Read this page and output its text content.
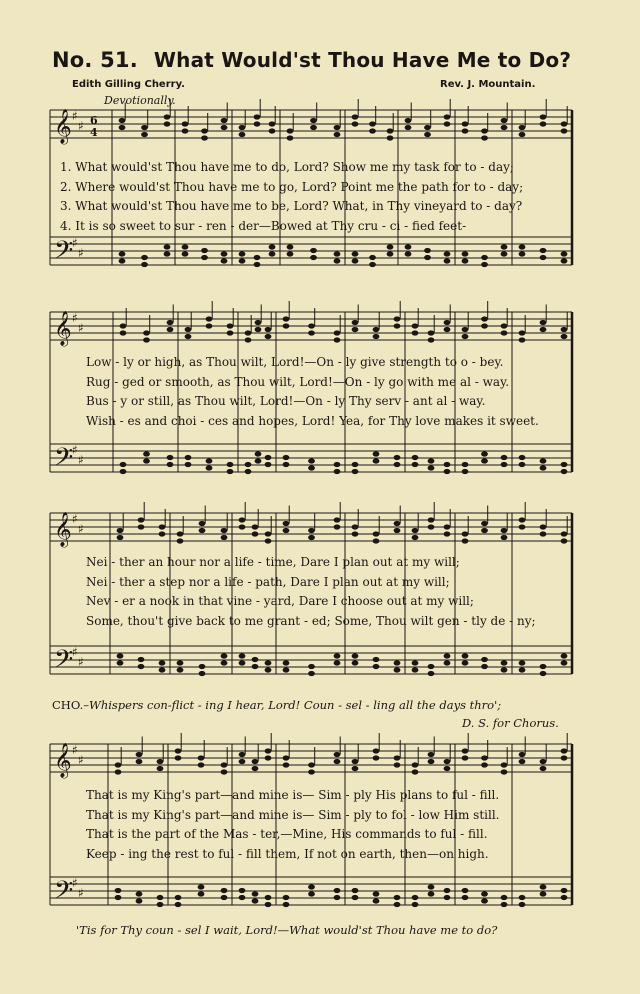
No. 51. What Would'st Thou Have Me to Do?
Edith Gilling Cherry.	Rev. J. Mountain.
Devotionally.
𝄞 ♯
♯
𝄢
♯
♯
𝄞 ♯
♯
𝄢
♯
♯
𝄞 ♯
♯
𝄢
♯
♯
𝄞 ♯
♯
𝄢
♯
♯
6
4
1. What would'st Thou have me to do, Lord? Show me my task for to - day;
2. Where would'st Thou have me to go, Lord? Point me the path for to - day;
3. What would'st Thou have me to be, Lord? What, in Thy vineyard to - day?
4. It is so sweet to sur - ren - der—Bowed at Thy cru - ci - fied feet-
Low - ly or high, as Thou wilt, Lord!—On - ly give strength to o - bey.
Rug - ged or smooth, as Thou wilt, Lord!—On - ly go with me al - way.
Bus - y or still, as Thou wilt, Lord!—On - ly Thy serv - ant al - way.
Wish - es and choi - ces and hopes, Lord! Yea, for Thy love makes it sweet.
Nei - ther an hour nor a life - time, Dare I plan out at my will;
Nei - ther a step nor a life - path, Dare I plan out at my will;
Nev - er a nook in that vine - yard, Dare I choose out at my will;
Some, thou't give back to me grant - ed; Some, Thou wilt gen - tly de - ny;
CHO.–Whispers con-flict - ing I hear, Lord! Coun - sel - ling all the days thro';
D. S. for Chorus.
That is my King's part—and mine is— Sim - ply His plans to ful - fill.
That is my King's part—and mine is— Sim - ply to fol - low Him still.
That is the part of the Mas - ter,—Mine, His commands to ful - fill.
Keep - ing the rest to ful - fill them, If not on earth, then—on high.
'Tis for Thy coun - sel I wait, Lord!—What would'st Thou have me to do?
